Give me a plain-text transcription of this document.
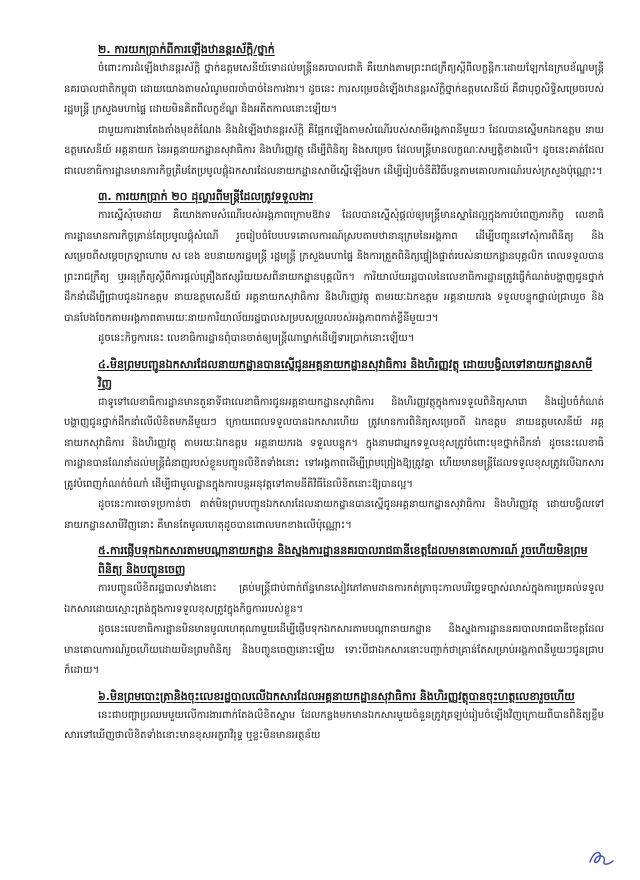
២. ការយកប្រាក់ពីការឡើងឋានន្តរស័ក្តិ/ថ្នាក់

ចំពោះការដំឡើងឋានន្តរស័ក្តិ ថ្នាក់ឧត្តមសេនីយ៍ទោដល់មន្ត្រីនគរបាលជាតិ គឺយោងតាមព្រះរាជក្រឹត្យស្តីពីលក្ខន្តិកៈដោយឡែកនៃក្របខ័ណ្ឌមន្ត្រីនគរបាលជាតិកម្ពុជា ដោយយោងតាមសំណូមពរចាំបាច់នៃការងារ។ ដូចនេះ ការសម្រេចដំឡើងឋានន្តរស័ក្តិថ្នាក់ឧត្តមសេនីយ៍ គឺជាបុព្វសិទ្ធិសម្រេចរបស់រដ្ឋមន្ត្រី ក្រសួងមហាផ្ទៃ ដោយមិនគិតពីលក្ខខ័ណ្ឌ និងអតីតកាលនោះឡើយ។

ជាមួយការងារតែងតាំងមុខតំណែង និងដំឡើងឋានន្តរស័ក្តិ គឺផ្អែកឡើងតាមសំណើរបស់សាមីអង្គភាពនីមួយៗ ដែលបានស្នើមកឯកឧត្តម នាយឧត្តមសេនីយ៍ អគ្គនាយក នៃអគ្គនាយកដ្ឋានសុវាធិការ និងហិរញ្ញវត្ថុ ដើម្បីពិនិត្យ និងសម្រេច ដែលមន្ត្រីមានលក្ខណៈសម្បត្តិខាងលើ។ ដូចនេះគាត់ដែលជាលេខាធិការដ្ឋានមានភារកិច្ចត្រឹមតែប្រមូលផ្តុំឯកសារដែលនាយកដ្ឋានសាមីស្នើឡើងមក ដើម្បីរៀបចំនីតិវិធីបន្តតាមគោលការណ៍របស់ក្រសួងប៉ុណ្ណោះ។

៣. ការយកប្រាក់ ២០ ដុល្លារពីមន្ត្រីដែលត្រូវទទួលងារ

ការស្នើសុំមេដាយ គឺយោងតាមសំណើរបស់អង្គភាពក្រោមឱវាទ ដែលបានស្នើសុំផ្តល់ឲ្យមន្ត្រីមានស្នាដៃល្អក្នុងការបំពេញភារកិច្ច លេខាធិការដ្ឋានមានភារកិច្ចគ្រាន់តែប្រមូលផ្តុំសំណើ រួចរៀបចំបែបបទគោលការណ៍ស្របតាមឋានានុក្រមនៃអង្គភាព ដើម្បីបញ្ជូនទៅសុំការពិនិត្យ និងសម្រេចពីសម្តេចក្រឡាហោម ស ខេង ឧបនាយករដ្ឋមន្ត្រី រដ្ឋមន្ត្រី ក្រសួងមហាផ្ទៃ និងការត្រួតពិនិត្យផ្ទៀងផ្ទាត់របស់នាយកដ្ឋានបុគ្គលិក ពេលទទួលបានព្រះរាជក្រឹត្យ ឬអនុក្រឹត្យស្តីពីការផ្តល់គ្រឿងឥស្សរិយយសពីនាយកដ្ឋានបុគ្គលិក។ ការិយាល័យរដ្ឋបាលនៃលេខាធិការដ្ឋានត្រូវធ្វើកំណត់បង្ហាញជូនថ្នាក់ដឹកនាំដើម្បីជ្រាបជូនឯកឧត្តម នាយឧត្តមសេនីយ៍ អគ្គនាយកសុវាធិការ និងហិរញ្ញវត្ថុ តាមរយៈឯកឧត្តម អគ្គនាយករង ទទួលបន្ទុកផ្ទាល់ជ្រាបរួច និងបានបែងចែកតាមអង្គភាពតាមរយៈនាយការិយាល័យរដ្ឋបាលសម្របសម្រួលរបស់អង្គភាពកាត់ខ្លីនីមួយៗ។

ដូចនេះកិច្ចការនេះ លេខាធិការដ្ឋានពុំបានចាត់ឲ្យមន្ត្រីណាម្នាក់ដើម្បីទារប្រាក់នោះឡើយ។

៤.មិនព្រមបញ្ជូនឯកសារដែលនាយកដ្ឋានបានស្នើជូនអគ្គនាយកដ្ឋានសុវាធិការ និងហិរញ្ញវត្ថុ ដោយបង្វិលទៅនាយកដ្ឋានសាមីវិញ

ជាទូទៅលេខាធិការដ្ឋានមានតួនាទីជាលេខាធិការជូនអគ្គនាយកដ្ឋានសុវាធិការ និងហិរញ្ញវត្ថុក្នុងការទទួលពិនិត្យសារោ និងរៀបចំកំណត់បង្ហាញជូនថ្នាក់ដឹកនាំលើលិខិតមកនីមួយៗ ក្រោយពេលទទួលបានឯកសារហើយ ត្រូវមានការពិនិត្យសម្រេចពី ឯកឧត្តម នាយឧត្តមសេនីយ៍ អគ្គនាយកសុវាធិការ និងហិរញ្ញវត្ថុ តាមរយៈឯកឧត្តម អគ្គនាយករង ទទួលបន្ទុក។ ក្នុងនាមជាអ្នកទទួលខុសត្រូវចំពោះមុខថ្នាក់ដឹកនាំ ដូចនេះលេខាធិការដ្ឋានបានណែនាំដល់មន្ត្រីជំនាញរបស់ខ្លួនបញ្ជូនលិខិតទាំងនោះ ទៅអង្គភាពដើម្បីព្រមព្រៀងឱ្យត្រូវគ្នា ហើយមានមន្ត្រីដែលទទួលខុសត្រូវលើឯកសារ ត្រូវបំពេញកំណត់ចំណាំ ដើម្បីជាមូលដ្ឋានក្នុងការបន្តអនុវត្តទៅតាមនីតិវិធីនៃលិខិតនោះឱ្យបានល្អ។

ដូចនេះការចោទប្រកាន់ថា គាត់មិនព្រមបញ្ជូនឯកសារដែលនាយកដ្ឋានបានស្នើជូនអគ្គនាយកដ្ឋានសុវាធិការ និងហិរញ្ញវត្ថុ ដោយបង្វិលទៅនាយកដ្ឋានសាមីវិញនោះ គឺមានតែមូលហេតុដូចបានពោលមកខាងលើប៉ុណ្ណោះ។

៥.ការផ្ញើបទុកឯកសារតាមបណ្តានាយកដ្ឋាន និងស្នងការដ្ឋាននគរបាលរាជធានីខេត្តដែលមានគោលការណ៍ រួចហើយមិនព្រមពិនិត្យ និងបញ្ចូនចេញ

ការបញ្ចូនលិខិតរដ្ឋបាលទាំងនោះ គ្រប់មន្ត្រីជាប់ពាក់ព័ន្ធមានសៀវភៅតាមដានការកត់ត្រាចុះកាលបរិច្ឆេទច្បាស់លាស់ក្នុងការប្រគល់ទទួលឯកសារដោយស្មោះត្រង់ក្នុងការទទួលខុសត្រូវក្នុងកិច្ចការរបស់ខ្លួន។

ដូចនេះលេខាធិការដ្ឋានមិនមានមូលហេតុណាមួយដើម្បីផ្ញើបទុកឯកសារតាមបណ្តានាយកដ្ឋាន និងស្នងការដ្ឋាននគរបាលរាជធានីខេត្តដែលមានគោលការណ៍រួចហើយដោយមិនព្រមពិនិត្យ និងបញ្ចូនចេញនោះឡើយ ទោះបីជាឯកសារនោះបញ្ជាក់ថាគ្រាន់តែសម្រាប់អង្គភាពនីមួយៗជូនជ្រាបក៏ដោយ។

៦.មិនព្រមបោះត្រានិងចុះលេខរដ្ឋបាលលើឯកសារដែលអគ្គនាយកដ្ឋានសុវាធិការ និងហិរញ្ញវត្ថុបានចុះហត្ថលេខារួចហើយ

នេះជាបញ្ហាប្រឈមមួយលើការងារពាក់តែងលិខិតស្នាម ដែលកន្លងមកមានឯកសារមួយចំនួនត្រូវត្រឡប់រៀបចំឡើងវិញក្រោយពីបានពិនិត្យខ្លឹមសារទៅឃើញថាលិខិតទាំងនោះមានខុសអក្ខរាវិរុទ្ធ ឬខ្លះមិនមានអត្ថន័យ
